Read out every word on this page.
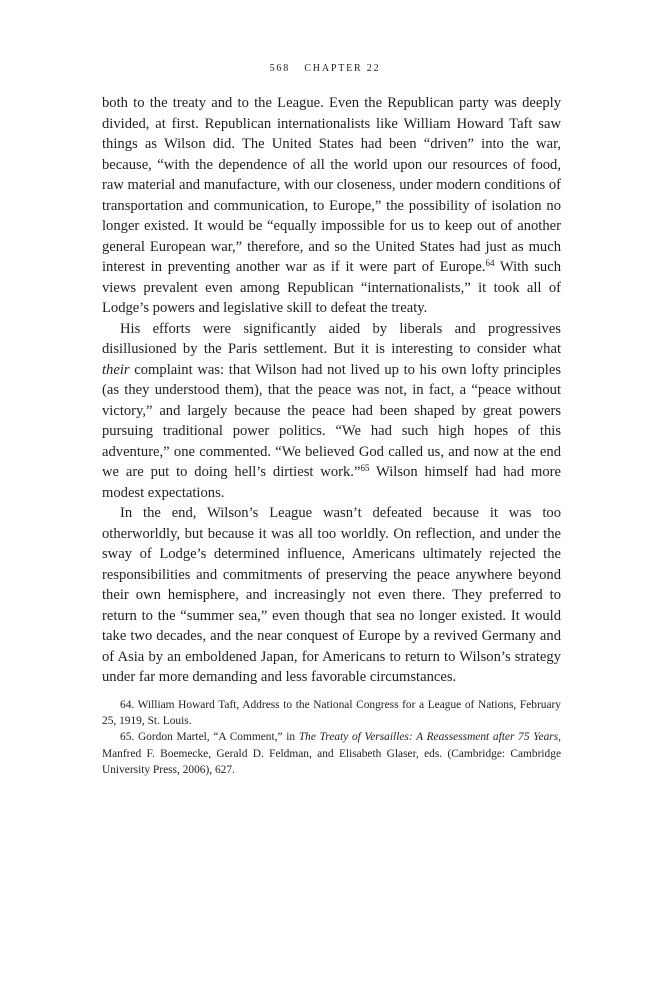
568 CHAPTER 22

both to the treaty and to the League. Even the Republican party was deeply divided, at first. Republican internationalists like William Howard Taft saw things as Wilson did. The United States had been “driven” into the war, because, “with the dependence of all the world upon our resources of food, raw material and manufacture, with our closeness, under modern conditions of transportation and communication, to Europe,” the possibility of isolation no longer existed. It would be “equally impossible for us to keep out of another general European war,” therefore, and so the United States had just as much interest in preventing another war as if it were part of Europe.$^{64}$ With such views prevalent even among Republican “internationalists,” it took all of Lodge’s powers and legislative skill to defeat the treaty.

His efforts were significantly aided by liberals and progressives disillusioned by the Paris settlement. But it is interesting to consider what their complaint was: that Wilson had not lived up to his own lofty principles (as they understood them), that the peace was not, in fact, a “peace without victory,” and largely because the peace had been shaped by great powers pursuing traditional power politics. “We had such high hopes of this adventure,” one commented. “We believed God called us, and now at the end we are put to doing hell’s dirtiest work.”$^{65}$ Wilson himself had had more modest expectations.

In the end, Wilson’s League wasn’t defeated because it was too otherworldly, but because it was all too worldly. On reflection, and under the sway of Lodge’s determined influence, Americans ultimately rejected the responsibilities and commitments of preserving the peace anywhere beyond their own hemisphere, and increasingly not even there. They preferred to return to the “summer sea,” even though that sea no longer existed. It would take two decades, and the near conquest of Europe by a revived Germany and of Asia by an emboldened Japan, for Americans to return to Wilson’s strategy under far more demanding and less favorable circumstances.

64. William Howard Taft, Address to the National Congress for a League of Nations, February 25, 1919, St. Louis.

65. Gordon Martel, “A Comment,” in The Treaty of Versailles: A Reassessment after 75 Years, Manfred F. Boemecke, Gerald D. Feldman, and Elisabeth Glaser, eds. (Cambridge: Cambridge University Press, 2006), 627.
